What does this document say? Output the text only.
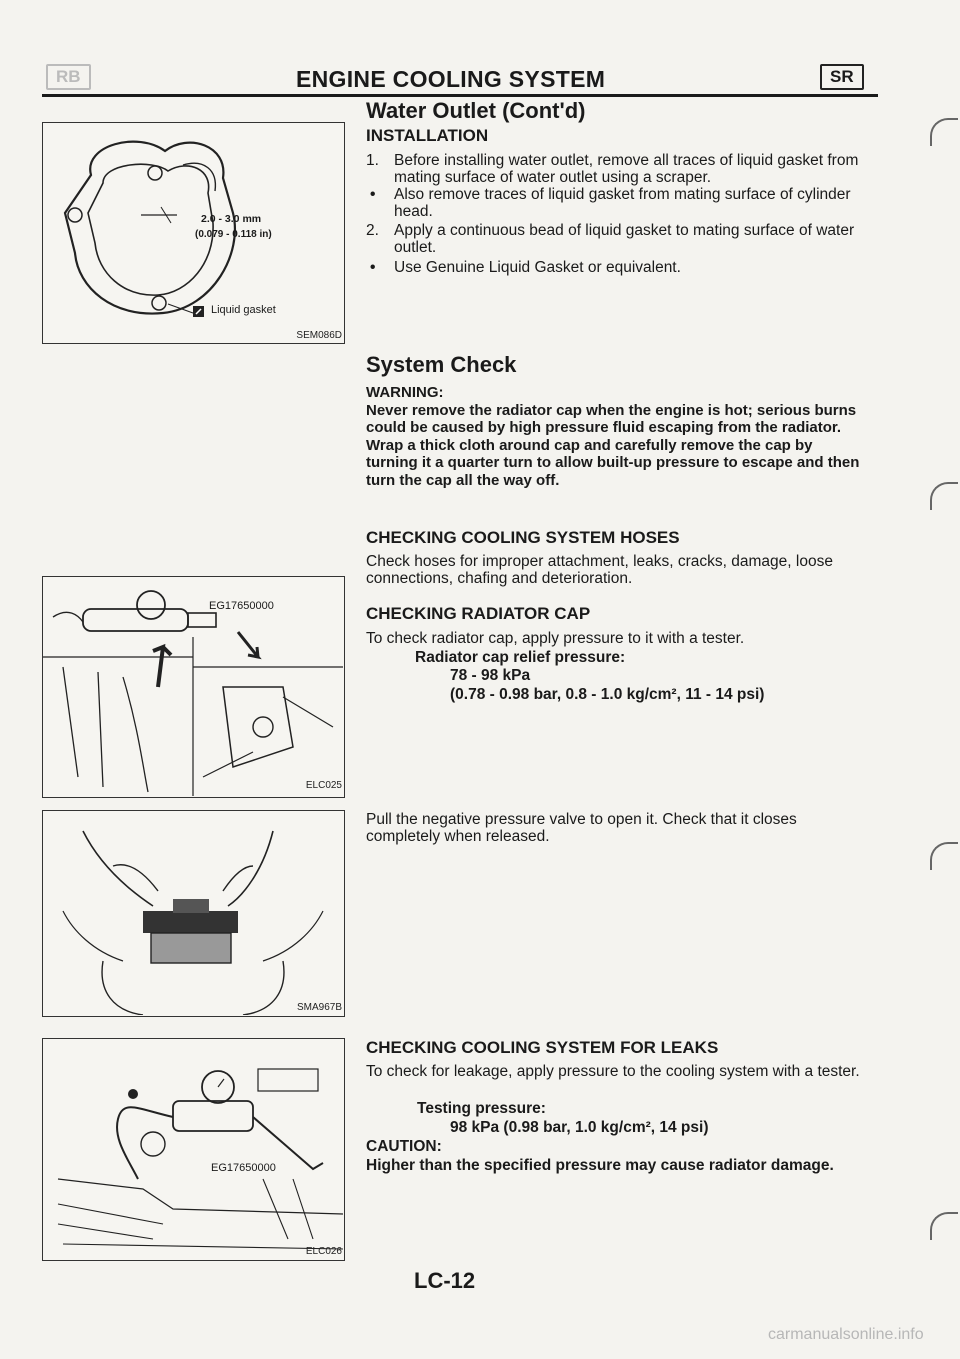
RB	ENGINE COOLING SYSTEM	SR
2.0 - 3.0 mm
(0.079 - 0.118 in)
Liquid gasket
SEM086D
Water Outlet (Cont'd)
INSTALLATION
1. Before installing water outlet, remove all traces of liquid gasket from mating surface of water outlet using a scraper.
• Also remove traces of liquid gasket from mating surface of cylinder head.
2. Apply a continuous bead of liquid gasket to mating surface of water outlet.
• Use Genuine Liquid Gasket or equivalent.
System Check
WARNING:
Never remove the radiator cap when the engine is hot; serious burns could be caused by high pressure fluid escaping from the radiator.
Wrap a thick cloth around cap and carefully remove the cap by turning it a quarter turn to allow built-up pressure to escape and then turn the cap all the way off.
CHECKING COOLING SYSTEM HOSES
Check hoses for improper attachment, leaks, cracks, damage, loose connections, chafing and deterioration.
CHECKING RADIATOR CAP
To check radiator cap, apply pressure to it with a tester.
Radiator cap relief pressure:
78 - 98 kPa
(0.78 - 0.98 bar, 0.8 - 1.0 kg/cm², 11 - 14 psi)
EG17650000
ELC025
Pull the negative pressure valve to open it. Check that it closes completely when released.
SMA967B
CHECKING COOLING SYSTEM FOR LEAKS
To check for leakage, apply pressure to the cooling system with a tester.
Testing pressure:
98 kPa (0.98 bar, 1.0 kg/cm², 14 psi)
CAUTION:
Higher than the specified pressure may cause radiator damage.
EG17650000
ELC026
LC-12
carmanualsonline.info
